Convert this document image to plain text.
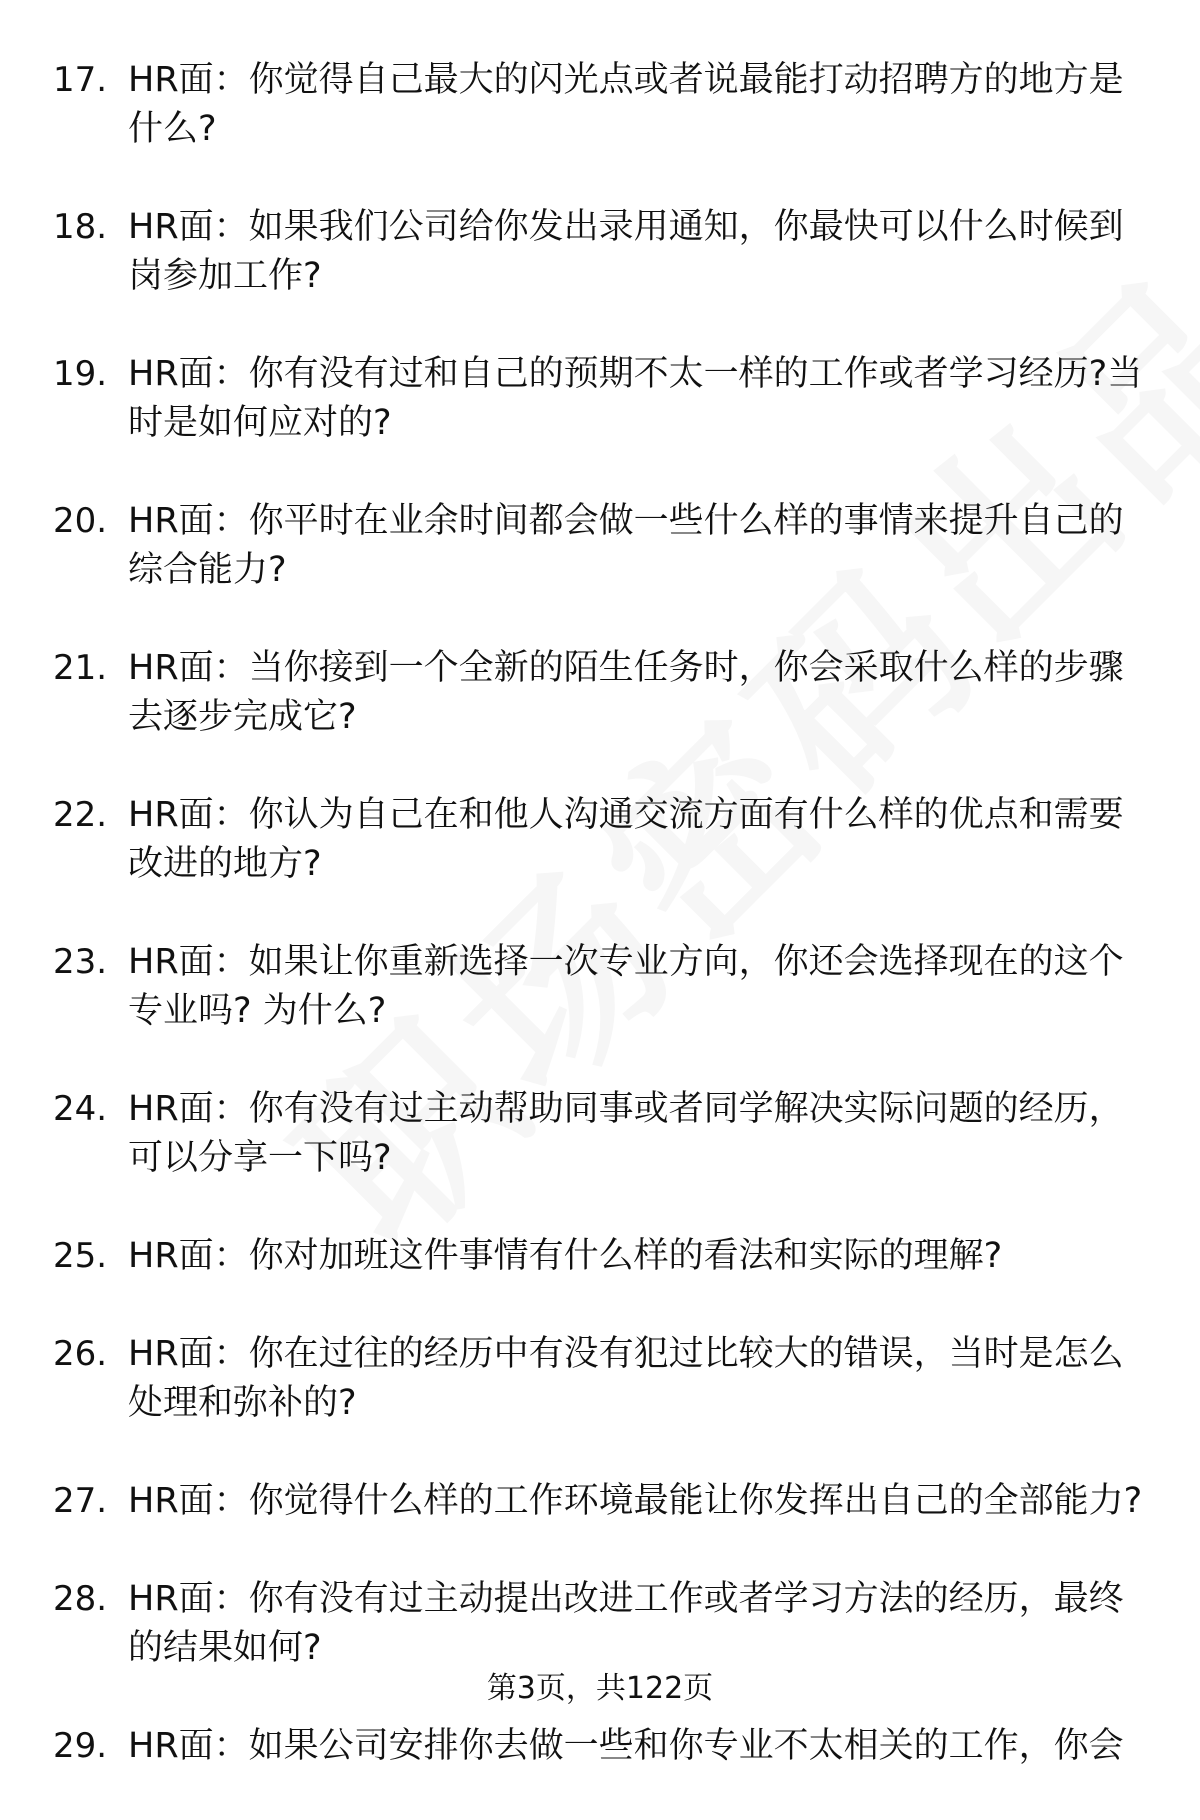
17. HR面：你觉得自己最大的闪光点或者说最能打动招聘方的地方是什么?
18. HR面：如果我们公司给你发出录用通知，你最快可以什么时候到岗参加工作?
19. HR面：你有没有过和自己的预期不太一样的工作或者学习经历?当时是如何应对的?
20. HR面：你平时在业余时间都会做一些什么样的事情来提升自己的综合能力?
21. HR面：当你接到一个全新的陌生任务时，你会采取什么样的步骤去逐步完成它?
22. HR面：你认为自己在和他人沟通交流方面有什么样的优点和需要改进的地方?
23. HR面：如果让你重新选择一次专业方向，你还会选择现在的这个专业吗? 为什么?
24. HR面：你有没有过主动帮助同事或者同学解决实际问题的经历，可以分享一下吗?
25. HR面：你对加班这件事情有什么样的看法和实际的理解?
26. HR面：你在过往的经历中有没有犯过比较大的错误，当时是怎么处理和弥补的?
27. HR面：你觉得什么样的工作环境最能让你发挥出自己的全部能力?
28. HR面：你有没有过主动提出改进工作或者学习方法的经历，最终的结果如何?
29. HR面：如果公司安排你去做一些和你专业不太相关的工作，你会
第3页，共122页
